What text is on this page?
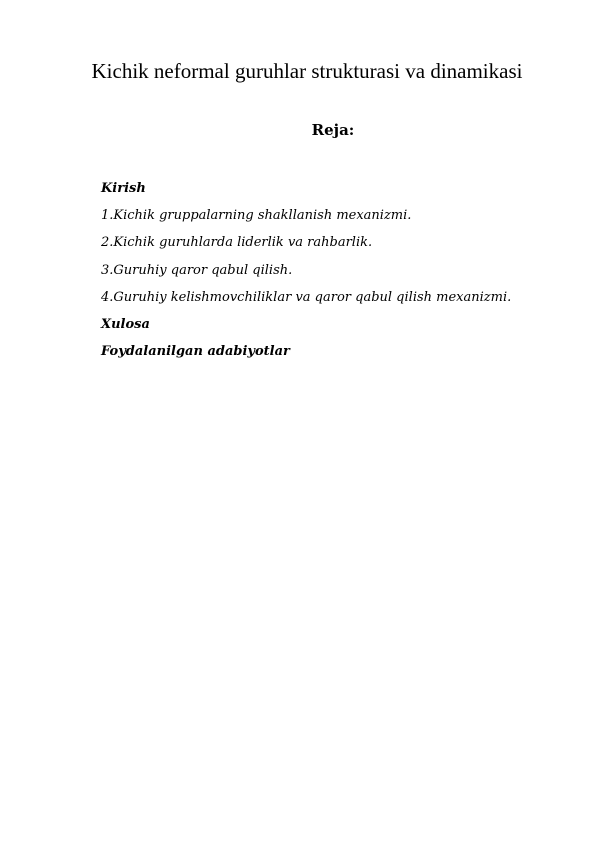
Kichik neformal guruhlar strukturasi va dinamikasi
Reja:
Kirish
1.Kichik gruppalarning shakllanish mexanizmi.
2.Kichik guruhlarda liderlik va rahbarlik.
3.Guruhiy qaror qabul qilish.
4.Guruhiy kelishmovchiliklar va qaror qabul qilish mexanizmi.
Xulosa
Foydalanilgan adabiyotlar
